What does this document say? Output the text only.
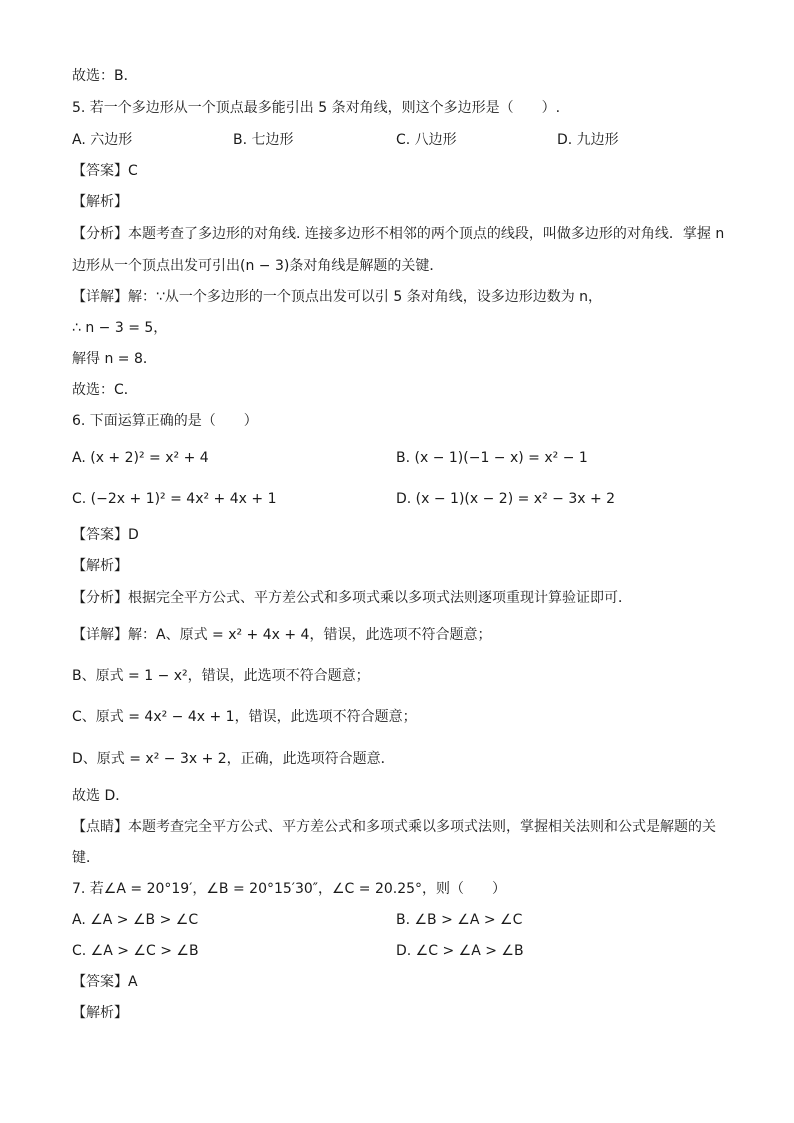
故选：B．
5. 若一个多边形从一个顶点最多能引出 5 条对角线，则这个多边形是（　　）.
A. 六边形	B. 七边形	C. 八边形	D. 九边形
【答案】C
【解析】
【分析】本题考查了多边形的对角线. 连接多边形不相邻的两个顶点的线段，叫做多边形的对角线．掌握 n
边形从一个顶点出发可引出(n − 3)条对角线是解题的关键．
【详解】解：∵从一个多边形的一个顶点出发可以引 5 条对角线，设多边形边数为 n，
∴ n − 3 = 5，
解得 n = 8．
故选：C．
6. 下面运算正确的是（　　）
A. (x + 2)² = x² + 4	B. (x − 1)(−1 − x) = x² − 1
C. (−2x + 1)² = 4x² + 4x + 1	D. (x − 1)(x − 2) = x² − 3x + 2
【答案】D
【解析】
【分析】根据完全平方公式、平方差公式和多项式乘以多项式法则逐项重现计算验证即可．
【详解】解：A、原式 = x² + 4x + 4，错误，此选项不符合题意；
B、原式 = 1 − x²，错误，此选项不符合题意；
C、原式 = 4x² − 4x + 1，错误，此选项不符合题意；
D、原式 = x² − 3x + 2，正确，此选项符合题意．
故选 D．
【点睛】本题考查完全平方公式、平方差公式和多项式乘以多项式法则，掌握相关法则和公式是解题的关
键．
7. 若∠A = 20°19′，∠B = 20°15′30″，∠C = 20.25°，则（　　）
A. ∠A > ∠B > ∠C	B. ∠B > ∠A > ∠C
C. ∠A > ∠C > ∠B	D. ∠C > ∠A > ∠B
【答案】A
【解析】
